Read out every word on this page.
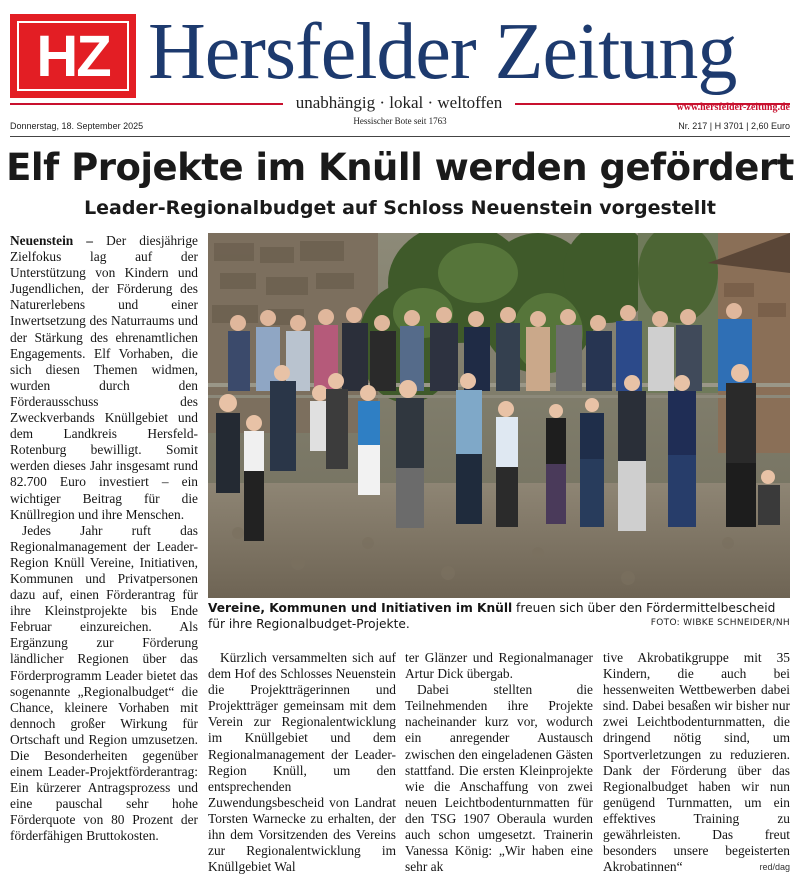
HZ Hersfelder Zeitung
unabhängig · lokal · weltoffen	www.hersfelder-zeitung.de
Donnerstag, 18. September 2025	Hessischer Bote seit 1763	Nr. 217 | H 3701 | 2,60 Euro
Elf Projekte im Knüll werden gefördert
Leader-Regionalbudget auf Schloss Neuenstein vorgestellt

Neuenstein – Der diesjährige Zielfokus lag auf der Unterstützung von Kindern und Jugendlichen, der Förderung des Naturerlebens und einer Inwertsetzung des Naturraums und der Stärkung des ehrenamtlichen Engagements. Elf Vorhaben, die sich diesen Themen widmen, wurden durch den Förderausschuss des Zweckverbands Knüllgebiet und dem Landkreis Hersfeld-Rotenburg bewilligt. Somit werden dieses Jahr insgesamt rund 82.700 Euro investiert – ein wichtiger Beitrag für die Knüllregion und ihre Menschen.

Jedes Jahr ruft das Regionalmanagement der Leader-Region Knüll Vereine, Initiativen, Kommunen und Privatpersonen dazu auf, einen Förderantrag für ihre Kleinstprojekte bis Ende Februar einzureichen. Als Ergänzung zur Förderung ländlicher Regionen über das Förderprogramm Leader bietet das sogenannte „Regionalbudget“ die Chance, kleinere Vorhaben mit dennoch großer Wirkung für Ortschaft und Region umzusetzen. Die Besonderheiten gegenüber einem Leader-Projektförderantrag: Ein kürzerer Antragsprozess und eine pauschal sehr hohe Förderquote von 80 Prozent der förderfähigen Bruttokosten.

Vereine, Kommunen und Initiativen im Knüll freuen sich über den Fördermittelbescheid für ihre Regionalbudget-Projekte.	FOTO: WIBKE SCHNEIDER/NH

Kürzlich versammelten sich auf dem Hof des Schlosses Neuenstein die Projektträgerinnen und Projektträger gemeinsam mit dem Verein zur Regionalentwicklung im Knüllgebiet und dem Regionalmanagement der Leader-Region Knüll, um den entsprechenden Zuwendungsbescheid von Landrat Torsten Warnecke zu erhalten, der ihn dem Vorsitzenden des Vereins zur Regionalentwicklung im Knüllgebiet Wal

ter Glänzer und Regionalmanager Artur Dick übergab.

Dabei stellten die Teilnehmenden ihre Projekte nacheinander kurz vor, wodurch ein anregender Austausch zwischen den eingeladenen Gästen stattfand. Die ersten Kleinprojekte wie die Anschaffung von zwei neuen Leichtbodenturnmatten für den TSG 1907 Oberaula wurden auch schon umgesetzt. Trainerin Vanessa König: „Wir haben eine sehr ak

tive Akrobatikgruppe mit 35 Kindern, die auch bei hessenweiten Wettbewerben dabei sind. Dabei besaßen wir bisher nur zwei Leichtbodenturnmatten, die dringend nötig sind, um Sportverletzungen zu reduzieren. Dank der Förderung über das Regionalbudget haben wir nun genügend Turnmatten, um ein effektives Training zu gewährleisten. Das freut besonders unsere begeisterten Akrobatinnen“	red/dag
